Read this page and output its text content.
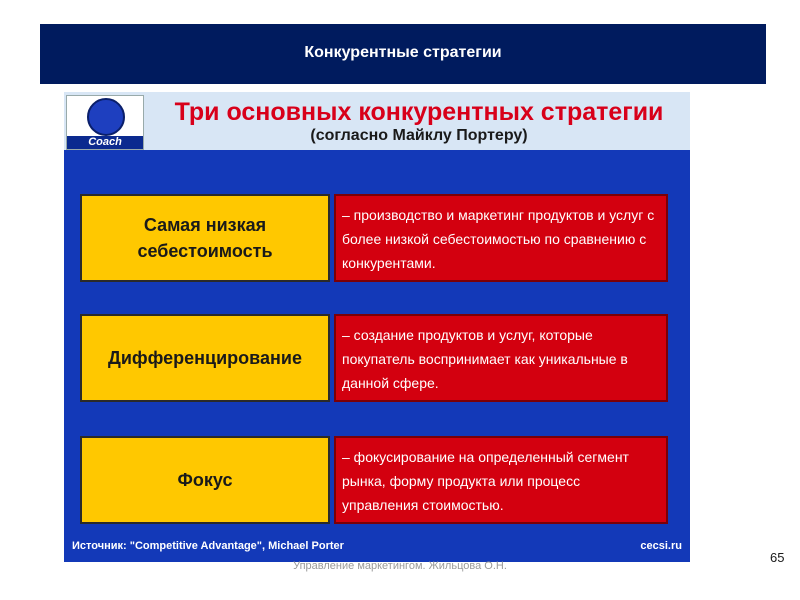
Конкурентные стратегии
Coach
Три основных конкурентных стратегии
(согласно Майклу Портеру)
Самая низкая себестоимость
– производство и маркетинг продуктов и услуг с более низкой себестоимостью по сравнению с конкурентами.
Дифференцирование
– создание продуктов и услуг, которые покупатель воспринимает как уникальные в данной сфере.
Фокус
– фокусирование на определенный сегмент рынка, форму продукта или процесс управления стоимостью.
Источник: "Competitive Advantage", Michael Porter	cecsi.ru
65
Управление маркетингом. Жильцова О.Н.
